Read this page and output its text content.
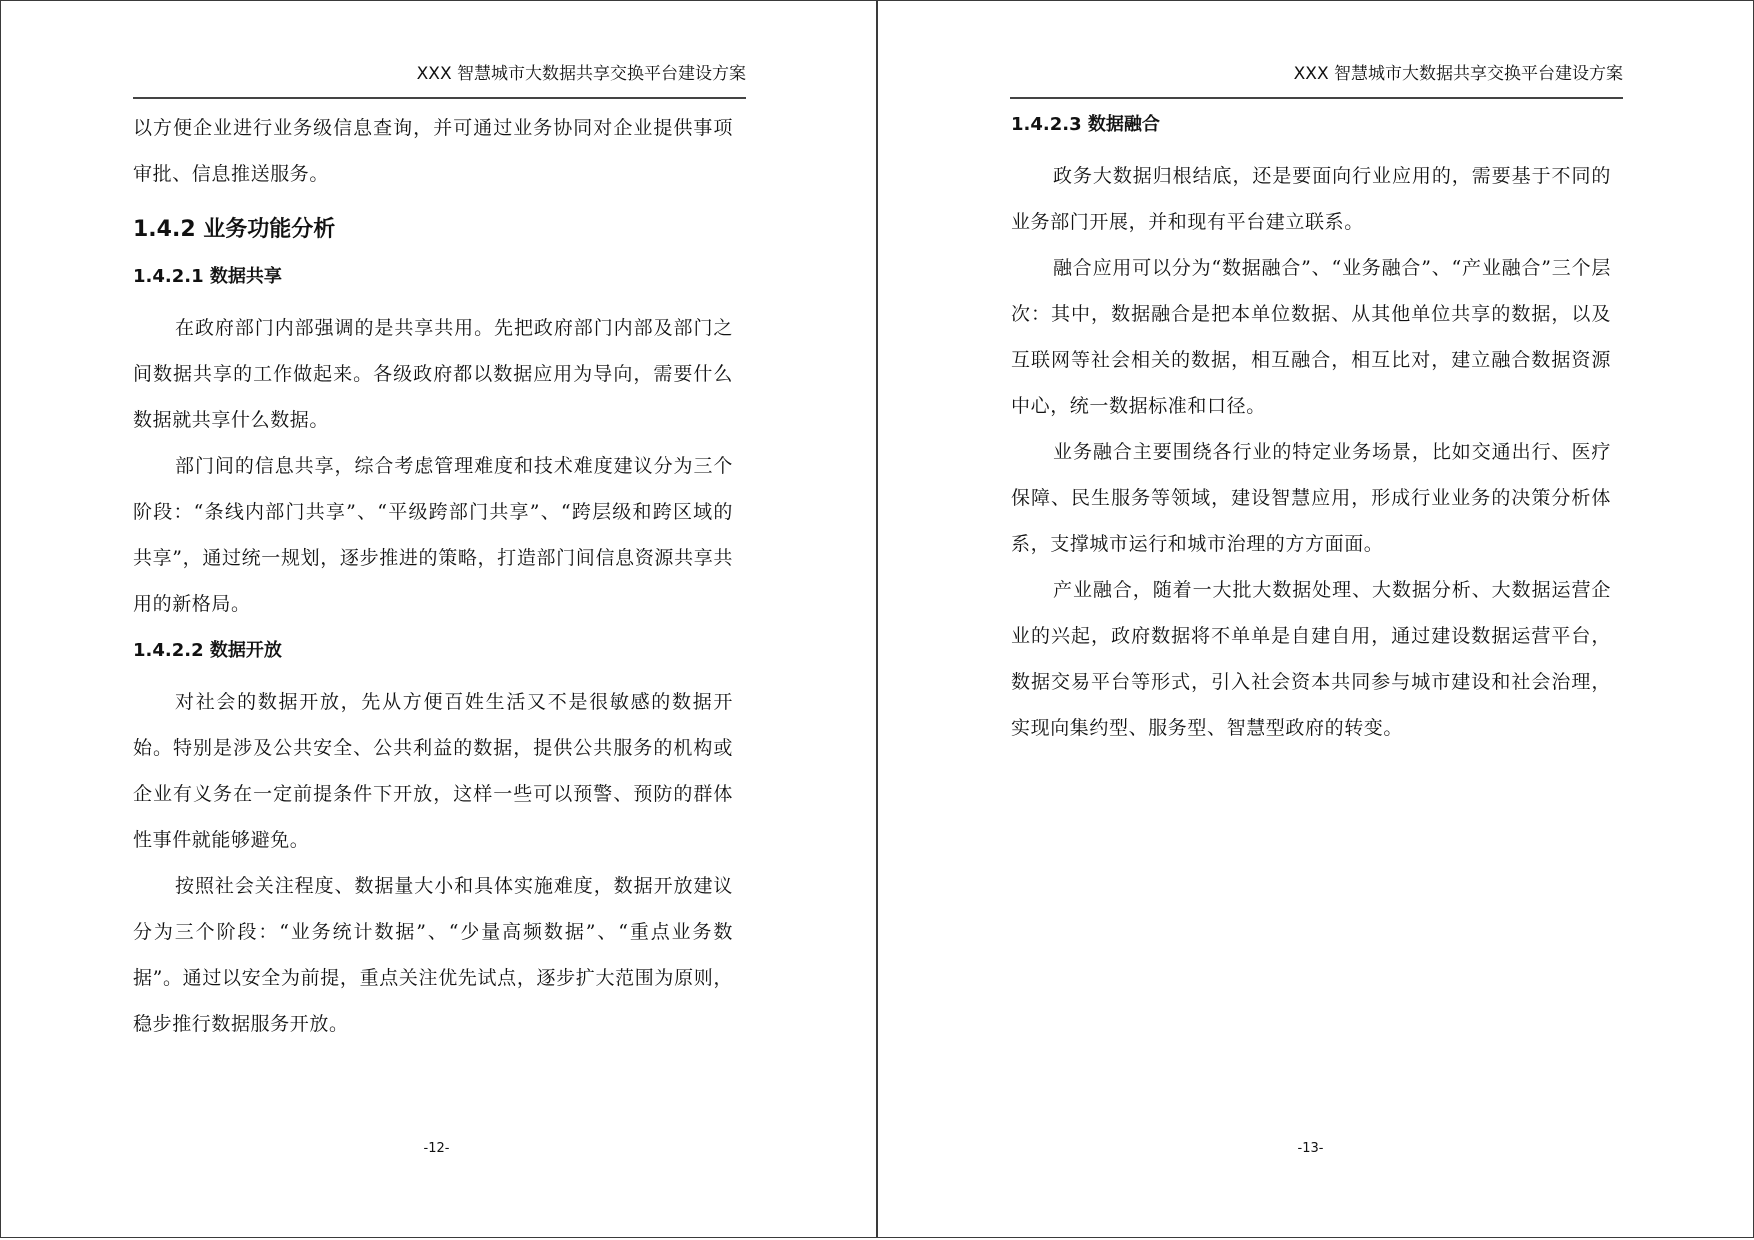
XXX 智慧城市大数据共享交换平台建设方案

以方便企业进行业务级信息查询，并可通过业务协同对企业提供事项审批、信息推送服务。

1.4.2 业务功能分析
1.4.2.1 数据共享

在政府部门内部强调的是共享共用。先把政府部门内部及部门之间数据共享的工作做起来。各级政府都以数据应用为导向，需要什么数据就共享什么数据。

部门间的信息共享，综合考虑管理难度和技术难度建议分为三个阶段：“条线内部门共享”、“平级跨部门共享”、“跨层级和跨区域的共享”，通过统一规划，逐步推进的策略，打造部门间信息资源共享共用的新格局。

1.4.2.2 数据开放

对社会的数据开放，先从方便百姓生活又不是很敏感的数据开始。特别是涉及公共安全、公共利益的数据，提供公共服务的机构或企业有义务在一定前提条件下开放，这样一些可以预警、预防的群体性事件就能够避免。

按照社会关注程度、数据量大小和具体实施难度，数据开放建议分为三个阶段：“业务统计数据”、“少量高频数据”、“重点业务数据”。通过以安全为前提，重点关注优先试点，逐步扩大范围为原则，稳步推行数据服务开放。

-12-
XXX 智慧城市大数据共享交换平台建设方案
1.4.2.3 数据融合

政务大数据归根结底，还是要面向行业应用的，需要基于不同的业务部门开展，并和现有平台建立联系。

融合应用可以分为“数据融合”、“业务融合”、“产业融合”三个层次：其中，数据融合是把本单位数据、从其他单位共享的数据，以及互联网等社会相关的数据，相互融合，相互比对，建立融合数据资源中心，统一数据标准和口径。

业务融合主要围绕各行业的特定业务场景，比如交通出行、医疗保障、民生服务等领域，建设智慧应用，形成行业业务的决策分析体系，支撑城市运行和城市治理的方方面面。

产业融合，随着一大批大数据处理、大数据分析、大数据运营企业的兴起，政府数据将不单单是自建自用，通过建设数据运营平台，数据交易平台等形式，引入社会资本共同参与城市建设和社会治理，实现向集约型、服务型、智慧型政府的转变。

-13-
